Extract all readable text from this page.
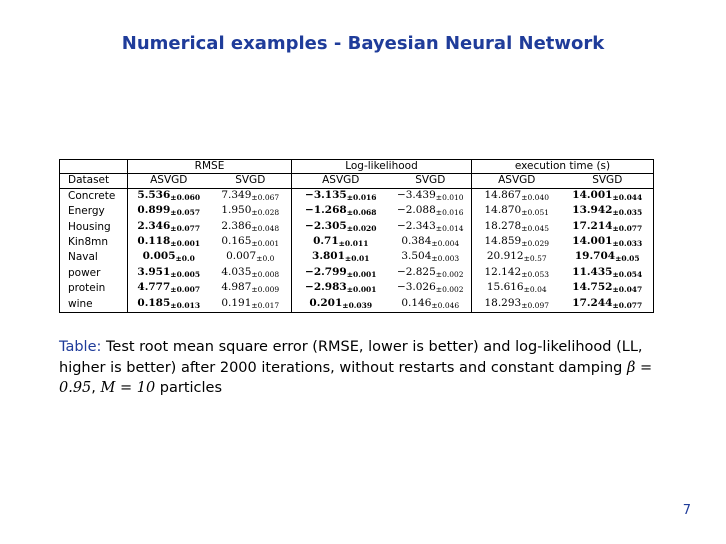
Numerical examples - Bayesian Neural Network
	RMSE		Log-likelihood		execution time (s)	
Dataset	ASVGD	SVGD	ASVGD	SVGD	ASVGD	SVGD
Concrete	5.536±0.060	7.349±0.067	−3.135±0.016	−3.439±0.010	14.867±0.040	14.001±0.044
Energy	0.899±0.057	1.950±0.028	−1.268±0.068	−2.088±0.016	14.870±0.051	13.942±0.035
Housing	2.346±0.077	2.386±0.048	−2.305±0.020	−2.343±0.014	18.278±0.045	17.214±0.077
Kin8mn	0.118±0.001	0.165±0.001	0.71±0.011	0.384±0.004	14.859±0.029	14.001±0.033
Naval	0.005±0.0	0.007±0.0	3.801±0.01	3.504±0.003	20.912±0.57	19.704±0.05
power	3.951±0.005	4.035±0.008	−2.799±0.001	−2.825±0.002	12.142±0.053	11.435±0.054
protein	4.777±0.007	4.987±0.009	−2.983±0.001	−3.026±0.002	15.616±0.04	14.752±0.047
wine	0.185±0.013	0.191±0.017	0.201±0.039	0.146±0.046	18.293±0.097	17.244±0.077
Table: Test root mean square error (RMSE, lower is better) and log-likelihood (LL, higher is better) after 2000 iterations, without restarts and constant damping β = 0.95, M = 10 particles
7
